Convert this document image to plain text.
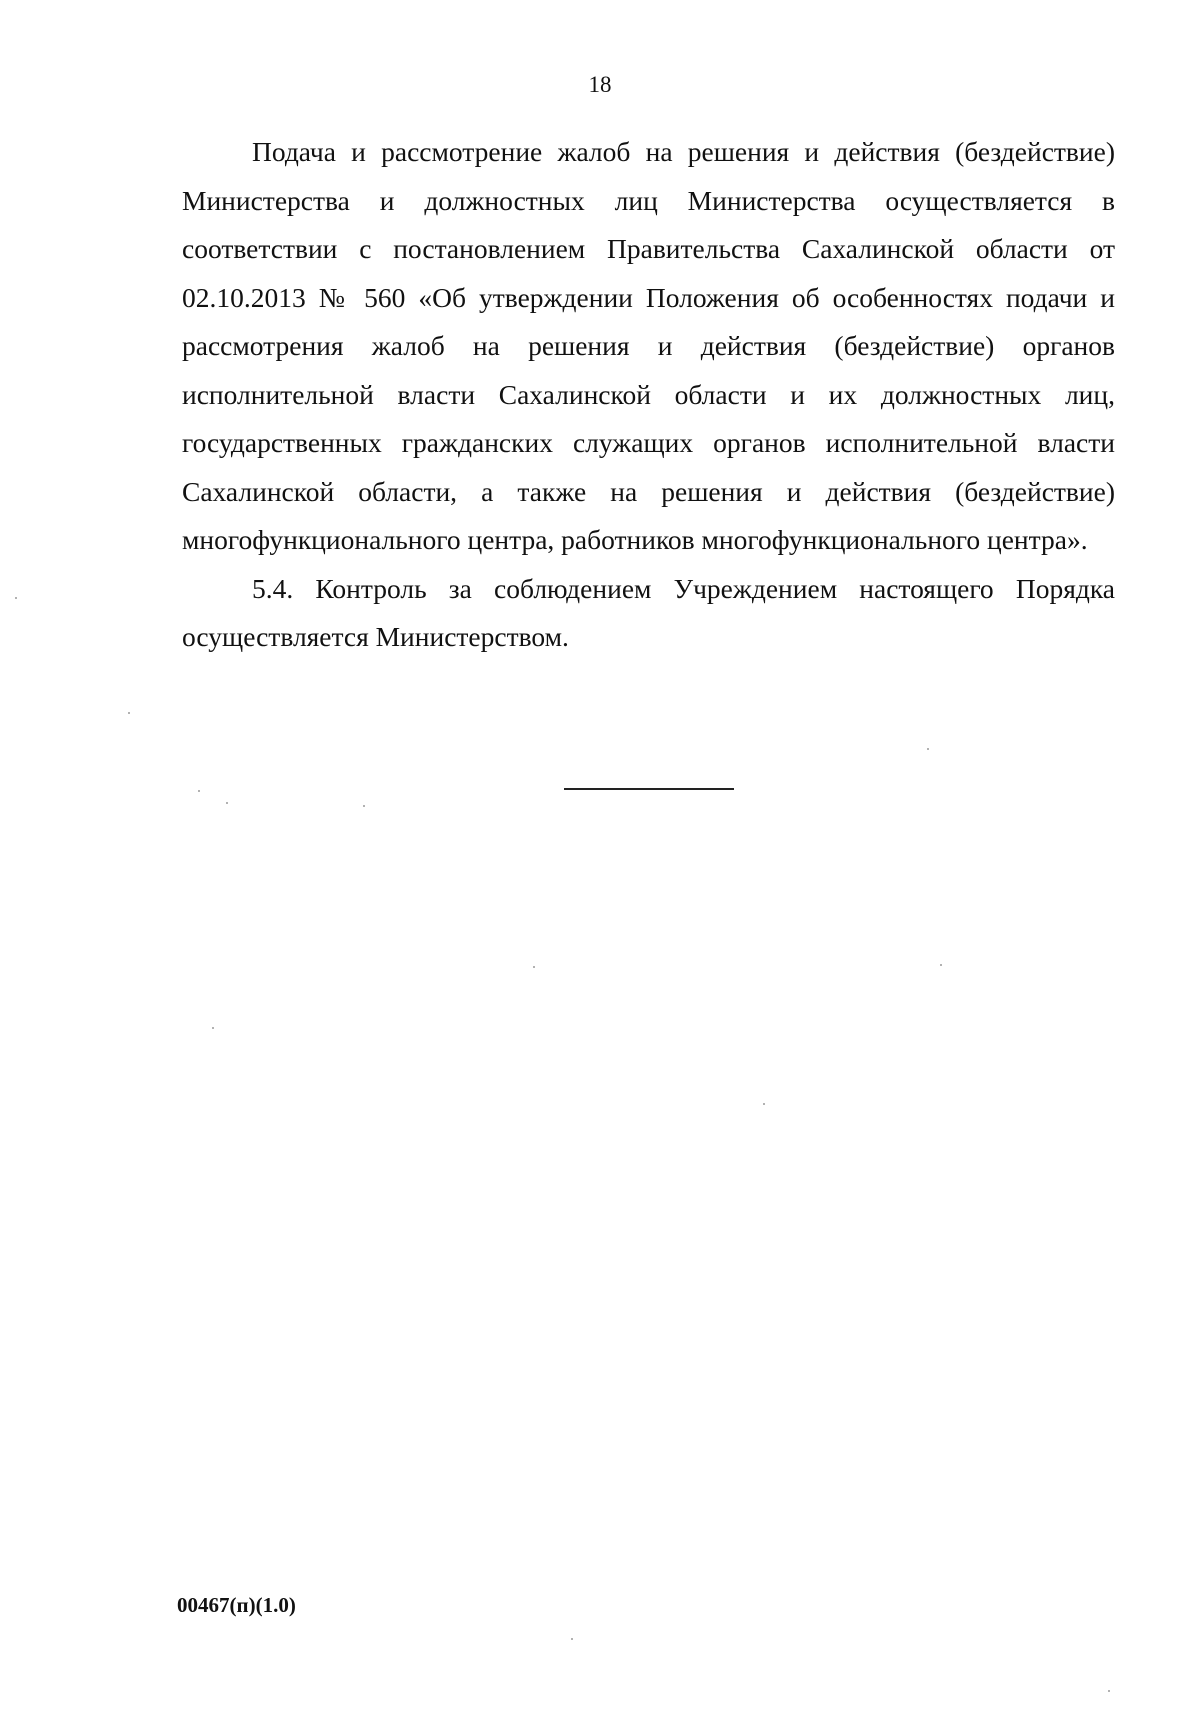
18

Подача и рассмотрение жалоб на решения и действия (бездействие) Министерства и должностных лиц Министерства осуществляется в соответствии с постановлением Правительства Сахалинской области от 02.10.2013 № 560 «Об утверждении Положения об особенностях подачи и рассмотрения жалоб на решения и действия (бездействие) органов исполнительной власти Сахалинской области и их должностных лиц, государственных гражданских служащих органов исполнительной власти Сахалинской области, а также на решения и действия (бездействие) многофункционального центра, работников многофункционального центра».

5.4. Контроль за соблюдением Учреждением настоящего Порядка осуществляется Министерством.

00467(п)(1.0)
